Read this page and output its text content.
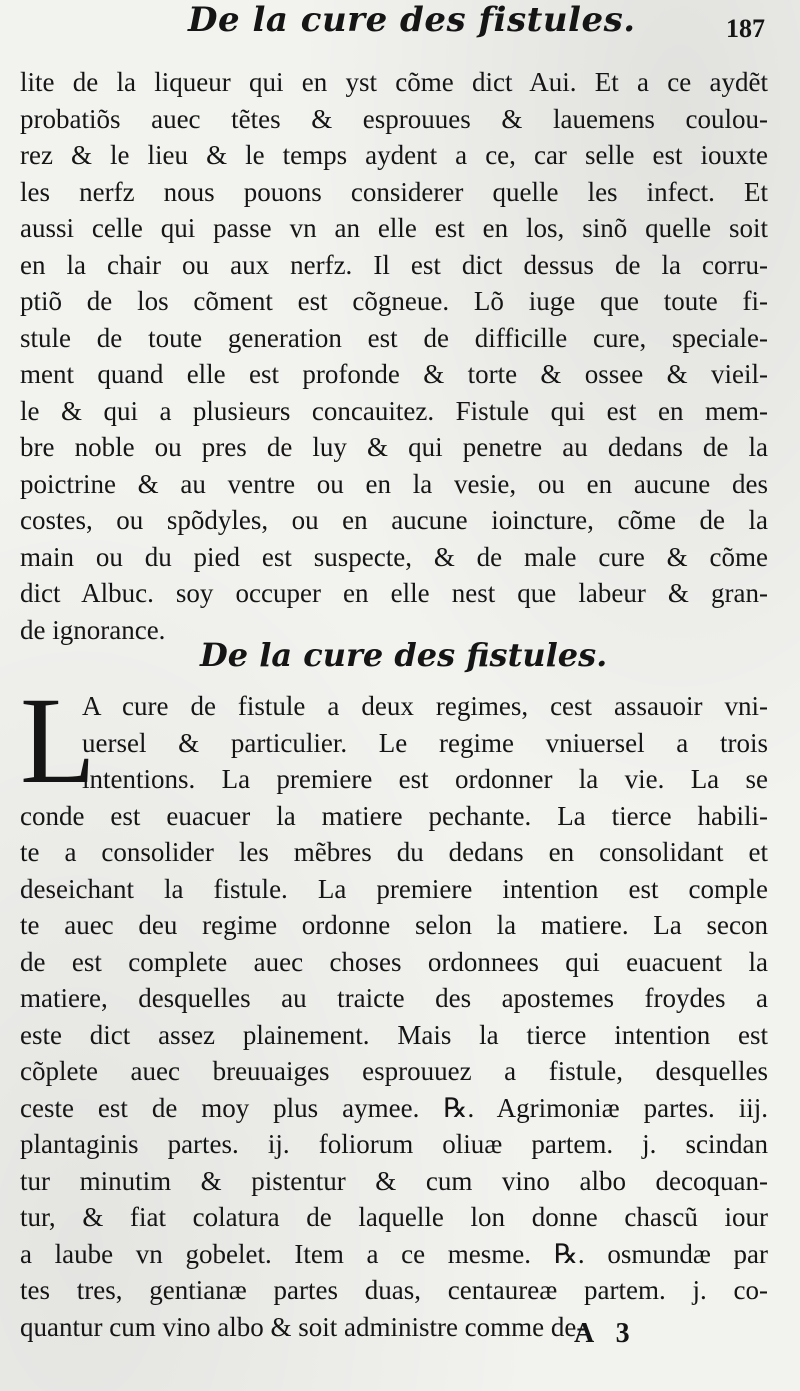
De la cure des fistules.	187
lite de la liqueur qui en yst cõme dict Aui. Et a ce aydẽt
probatiõs auec tẽtes & esprouues & lauemens coulou-
rez & le lieu & le temps aydent a ce, car selle est iouxte
les nerfz nous pouons considerer quelle les infect. Et
aussi celle qui passe vn an elle est en los, sinõ quelle soit
en la chair ou aux nerfz. Il est dict dessus de la corru-
ptiõ de los cõment est cõgneue. Lõ iuge que toute fi-
stule de toute generation est de difficille cure, speciale-
ment quand elle est profonde & torte & ossee & vieil-
le & qui a plusieurs concauitez. Fistule qui est en mem-
bre noble ou pres de luy & qui penetre au dedans de la
poictrine & au ventre ou en la vesie, ou en aucune des
costes, ou spõdyles, ou en aucune ioincture, cõme de la
main ou du pied est suspecte, & de male cure & cõme
dict Albuc. soy occuper en elle nest que labeur & gran-
de ignorance.
De la cure des fistules.
L
A cure de fistule a deux regimes, cest assauoir vni-
uersel & particulier. Le regime vniuersel a trois
intentions. La premiere est ordonner la vie. La se
conde est euacuer la matiere pechante. La tierce habili-
te a consolider les mẽbres du dedans en consolidant et
deseichant la fistule. La premiere intention est comple
te auec deu regime ordonne selon la matiere. La secon
de est complete auec choses ordonnees qui euacuent la
matiere, desquelles au traicte des apostemes froydes a
este dict assez plainement. Mais la tierce intention est
cõplete auec breuuaiges esprouuez a fistule, desquelles
ceste est de moy plus aymee. ℞. Agrimoniæ partes. iij.
plantaginis partes. ij. foliorum oliuæ partem. j. scindan
tur minutim & pistentur & cum vino albo decoquan-
tur, & fiat colatura de laquelle lon donne chascũ iour
a laube vn gobelet. Item a ce mesme. ℞. osmundæ par
tes tres, gentianæ partes duas, centaureæ partem. j. co-
quantur cum vino albo & soit administre comme de-
A 3
